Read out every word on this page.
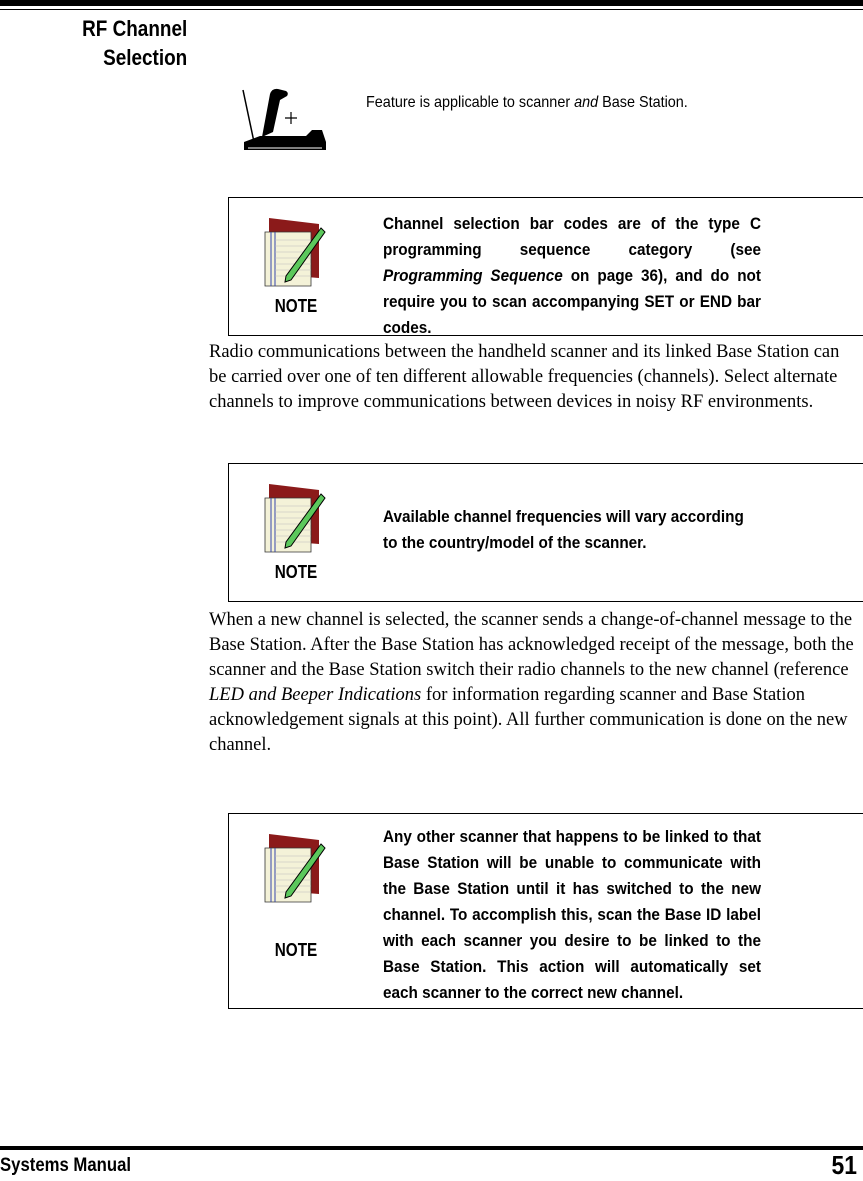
RF Channel
Selection
Feature is applicable to scanner and Base Station.
NOTE
Channel selection bar codes are of the type C programming sequence category (see Programming Sequence on page 36), and do not require you to scan accompanying SET or END bar codes.
Radio communications between the handheld scanner and its linked Base Station can be carried over one of ten different allowable frequencies (channels). Select alternate channels to improve communications between devices in noisy RF environments.
NOTE
Available channel frequencies will vary according to the country/model of the scanner.
When a new channel is selected, the scanner sends a change-of-channel message to the Base Station. After the Base Station has acknowledged receipt of the message, both the scanner and the Base Station switch their radio channels to the new channel (reference LED and Beeper Indications for information regarding scanner and Base Station acknowledgement signals at this point). All further communication is done on the new channel.
NOTE
Any other scanner that happens to be linked to that Base Station will be unable to communicate with the Base Station until it has switched to the new channel. To accomplish this, scan the Base ID label with each scanner you desire to be linked to the Base Station. This action will automatically set each scanner to the correct new channel.
Systems Manual	51
